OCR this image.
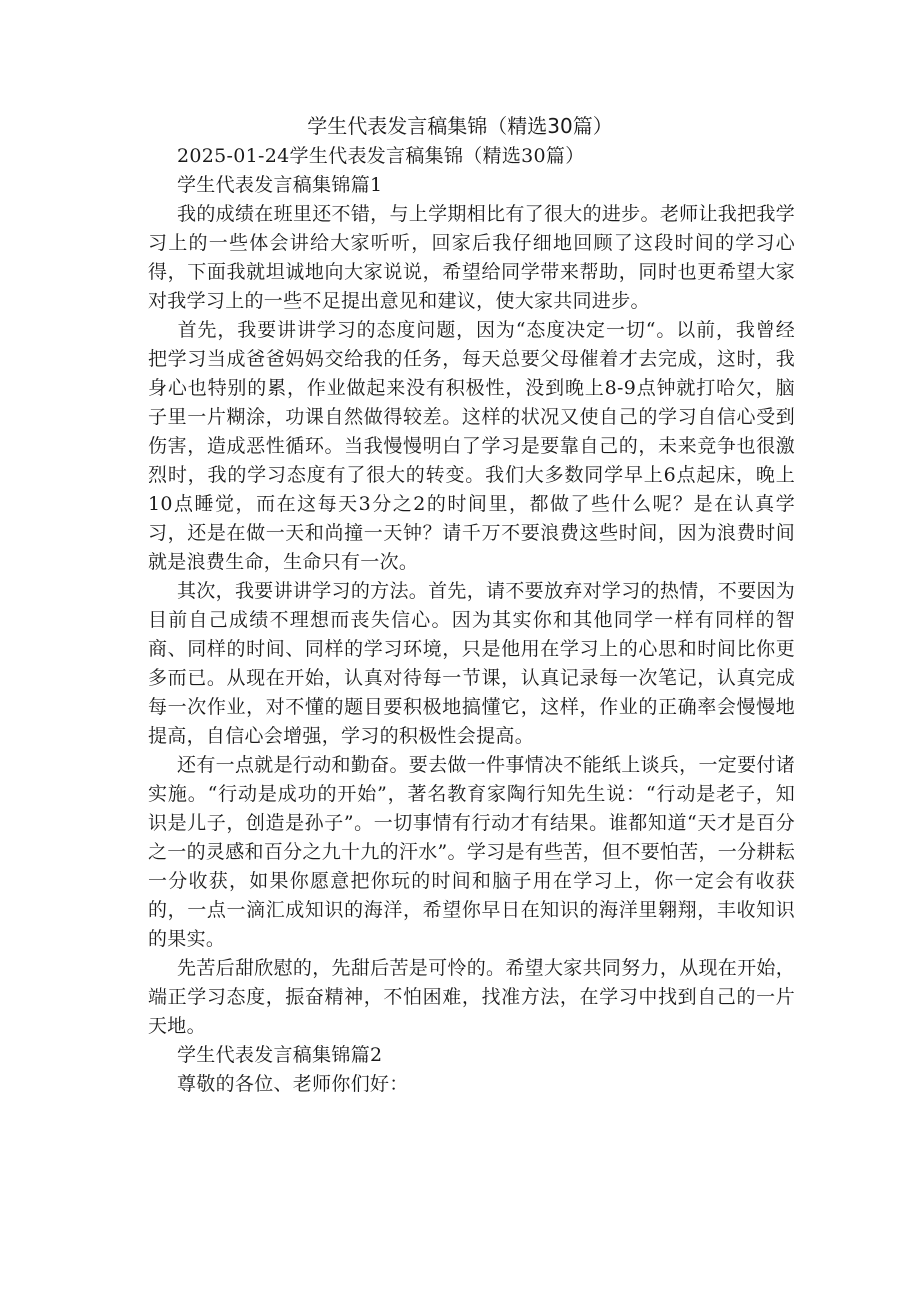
学生代表发言稿集锦（精选30篇）

2025-01-24学生代表发言稿集锦（精选30篇）

学生代表发言稿集锦篇1

我的成绩在班里还不错，与上学期相比有了很大的进步。老师让我把我学习上的一些体会讲给大家听听，回家后我仔细地回顾了这段时间的学习心得，下面我就坦诚地向大家说说，希望给同学带来帮助，同时也更希望大家对我学习上的一些不足提出意见和建议，使大家共同进步。

首先，我要讲讲学习的态度问题，因为“态度决定一切“。以前，我曾经把学习当成爸爸妈妈交给我的任务，每天总要父母催着才去完成，这时，我身心也特别的累，作业做起来没有积极性，没到晚上8-9点钟就打哈欠，脑子里一片糊涂，功课自然做得较差。这样的状况又使自己的学习自信心受到伤害，造成恶性循环。当我慢慢明白了学习是要靠自己的，未来竞争也很激烈时，我的学习态度有了很大的转变。我们大多数同学早上6点起床，晚上10点睡觉，而在这每天3分之2的时间里，都做了些什么呢？是在认真学习，还是在做一天和尚撞一天钟？请千万不要浪费这些时间，因为浪费时间就是浪费生命，生命只有一次。

其次，我要讲讲学习的方法。首先，请不要放弃对学习的热情，不要因为目前自己成绩不理想而丧失信心。因为其实你和其他同学一样有同样的智商、同样的时间、同样的学习环境，只是他用在学习上的心思和时间比你更多而已。从现在开始，认真对待每一节课，认真记录每一次笔记，认真完成每一次作业，对不懂的题目要积极地搞懂它，这样，作业的正确率会慢慢地提高，自信心会增强，学习的积极性会提高。

还有一点就是行动和勤奋。要去做一件事情决不能纸上谈兵，一定要付诸实施。“行动是成功的开始”，著名教育家陶行知先生说：“行动是老子，知识是儿子，创造是孙子”。一切事情有行动才有结果。谁都知道“天才是百分之一的灵感和百分之九十九的汗水”。学习是有些苦，但不要怕苦，一分耕耘一分收获，如果你愿意把你玩的时间和脑子用在学习上，你一定会有收获的，一点一滴汇成知识的海洋，希望你早日在知识的海洋里翱翔，丰收知识的果实。

先苦后甜欣慰的，先甜后苦是可怜的。希望大家共同努力，从现在开始，端正学习态度，振奋精神，不怕困难，找准方法，在学习中找到自己的一片天地。

学生代表发言稿集锦篇2

尊敬的各位、老师你们好：
